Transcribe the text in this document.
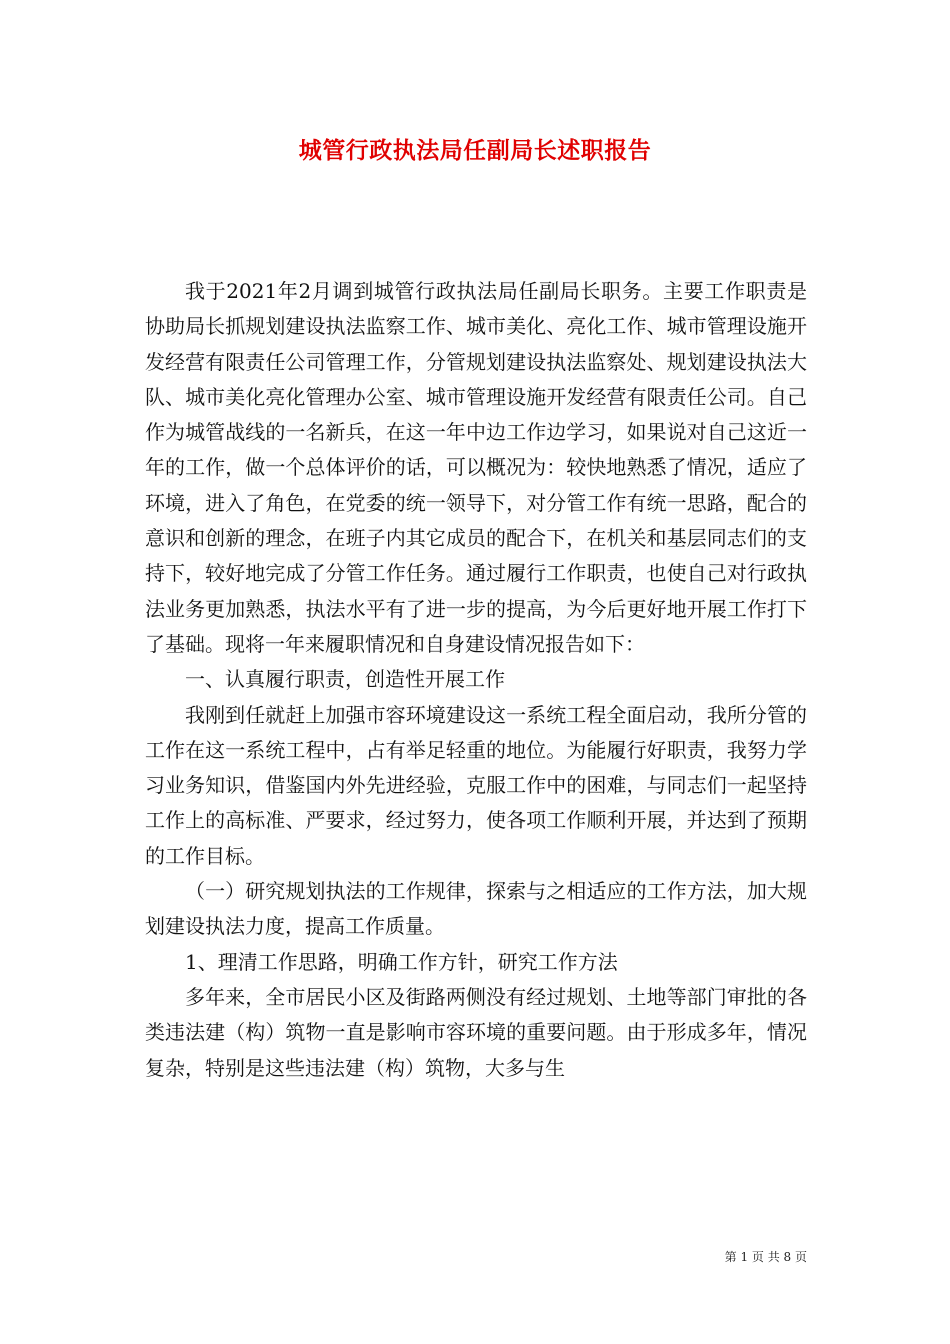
城管行政执法局任副局长述职报告

我于2021年2月调到城管行政执法局任副局长职务。主要工作职责是协助局长抓规划建设执法监察工作、城市美化、亮化工作、城市管理设施开发经营有限责任公司管理工作，分管规划建设执法监察处、规划建设执法大队、城市美化亮化管理办公室、城市管理设施开发经营有限责任公司。自己作为城管战线的一名新兵，在这一年中边工作边学习，如果说对自己这近一年的工作，做一个总体评价的话，可以概况为：较快地熟悉了情况，适应了环境，进入了角色，在党委的统一领导下，对分管工作有统一思路，配合的意识和创新的理念，在班子内其它成员的配合下，在机关和基层同志们的支持下，较好地完成了分管工作任务。通过履行工作职责，也使自己对行政执法业务更加熟悉，执法水平有了进一步的提高，为今后更好地开展工作打下了基础。现将一年来履职情况和自身建设情况报告如下：

一、认真履行职责，创造性开展工作

我刚到任就赶上加强市容环境建设这一系统工程全面启动，我所分管的工作在这一系统工程中，占有举足轻重的地位。为能履行好职责，我努力学习业务知识，借鉴国内外先进经验，克服工作中的困难，与同志们一起坚持工作上的高标准、严要求，经过努力，使各项工作顺利开展，并达到了预期的工作目标。

（一）研究规划执法的工作规律，探索与之相适应的工作方法，加大规划建设执法力度，提高工作质量。

1、理清工作思路，明确工作方针，研究工作方法

多年来，全市居民小区及街路两侧没有经过规划、土地等部门审批的各类违法建（构）筑物一直是影响市容环境的重要问题。由于形成多年，情况复杂，特别是这些违法建（构）筑物，大多与生

第 1 页 共 8 页
